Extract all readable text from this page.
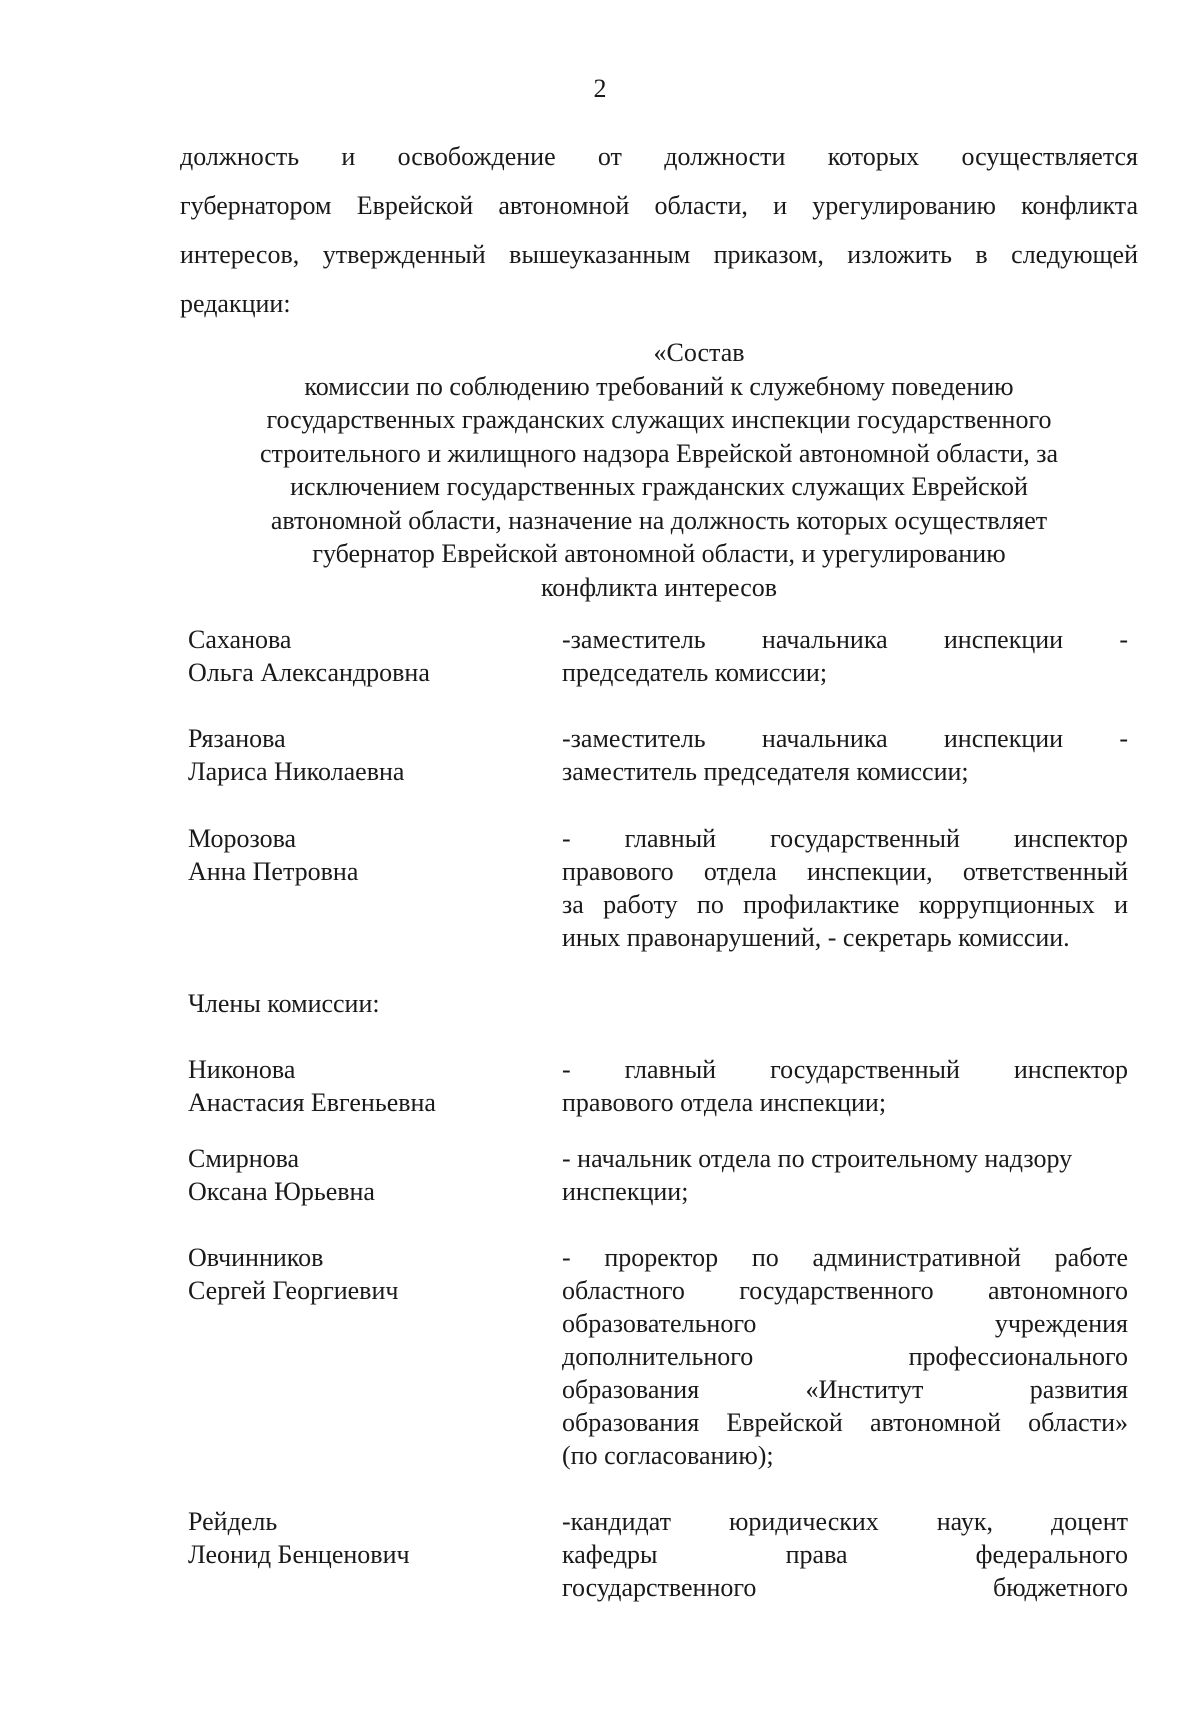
2
должность и освобождение от должности которых осуществляется
губернатором Еврейской автономной области, и урегулированию конфликта
интересов, утвержденный вышеуказанным приказом, изложить в следующей
редакции:
«Состав
комиссии по соблюдению требований к служебному поведению
государственных гражданских служащих инспекции государственного
строительного и жилищного надзора Еврейской автономной области, за
исключением государственных гражданских служащих Еврейской
автономной области, назначение на должность которых осуществляет
губернатор Еврейской автономной области, и урегулированию
конфликта интересов
Саханова
Ольга Александровна
-заместитель начальника инспекции -
председатель комиссии;
Рязанова
Лариса Николаевна
-заместитель начальника инспекции -
заместитель председателя комиссии;
Морозова
Анна Петровна
- главный государственный инспектор
правового отдела инспекции, ответственный
за работу по профилактике коррупционных и
иных правонарушений, - секретарь комиссии.
Члены комиссии:
Никонова
Анастасия Евгеньевна
- главный государственный инспектор
правового отдела инспекции;
Смирнова
Оксана Юрьевна
- начальник отдела по строительному надзору
инспекции;
Овчинников
Сергей Георгиевич
- проректор по административной работе
областного государственного автономного
образовательного учреждения
дополнительного профессионального
образования «Институт развития
образования Еврейской автономной области»
(по согласованию);
Рейдель
Леонид Бенценович
-кандидат юридических наук, доцент
кафедры права федерального
государственного бюджетного
